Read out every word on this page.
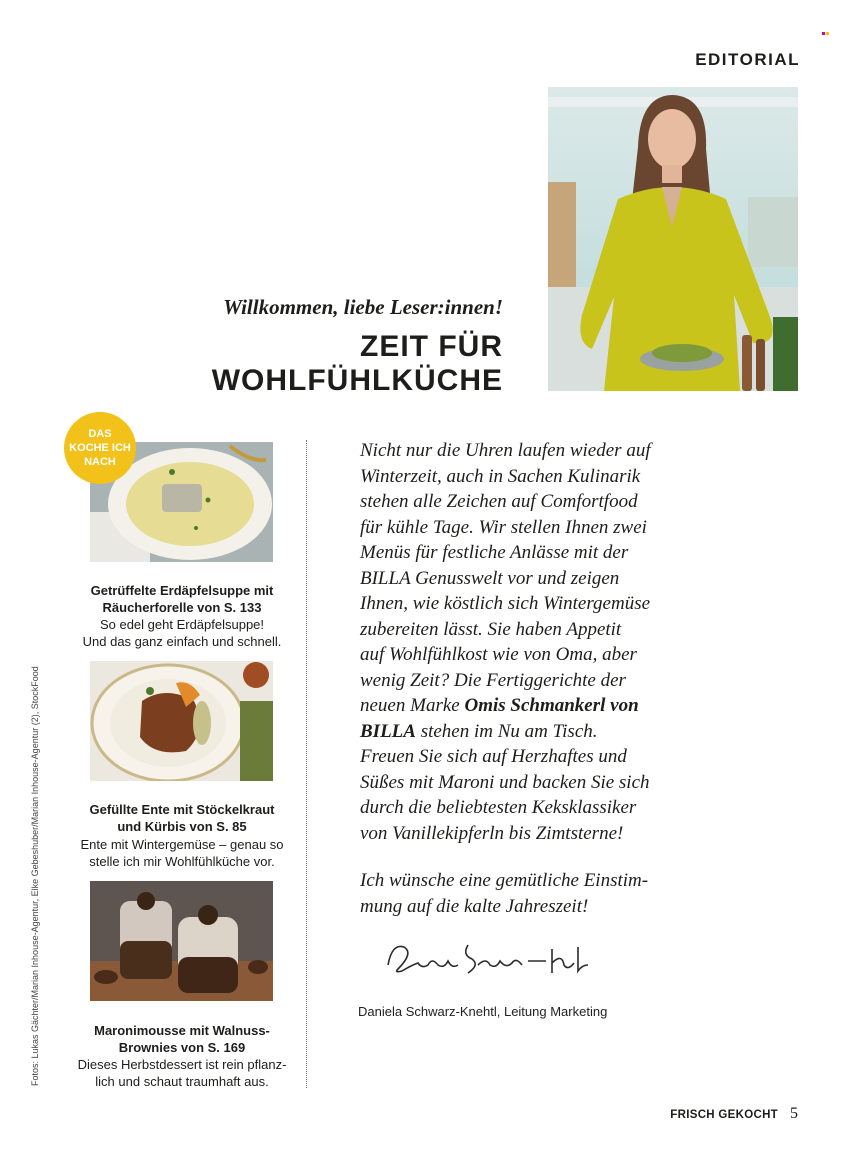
EDITORIAL
Willkommen, liebe Leser:innen!
ZEIT FÜR
WOHLFÜHLKÜCHE
DAS
KOCHE ICH
NACH
Getrüffelte Erdäpfelsuppe mit
Räucherforelle von S. 133
So edel geht Erdäpfelsuppe!
Und das ganz einfach und schnell.
Gefüllte Ente mit Stöckelkraut
und Kürbis von S. 85
Ente mit Wintergemüse – genau so
stelle ich mir Wohlfühlküche vor.
Maronimousse mit Walnuss-
Brownies von S. 169
Dieses Herbstdessert ist rein pflanz-
lich und schaut traumhaft aus.
Fotos: Lukas Gächter/Marian Inhouse-Agentur, Elke Gebeshuber/Marian Inhouse-Agentur (2), StockFood

Nicht nur die Uhren laufen wieder auf

Winterzeit, auch in Sachen Kulinarik

stehen alle Zeichen auf Comfortfood

für kühle Tage. Wir stellen Ihnen zwei

Menüs für festliche Anlässe mit der

BILLA Genusswelt vor und zeigen

Ihnen, wie köstlich sich Wintergemüse

zubereiten lässt. Sie haben Appetit

auf Wohlfühlkost wie von Oma, aber

wenig Zeit? Die Fertiggerichte der

neuen Marke Omis Schmankerl von

BILLA stehen im Nu am Tisch.

Freuen Sie sich auf Herzhaftes und

Süßes mit Maroni und backen Sie sich

durch die beliebtesten Keksklassiker

von Vanillekipferln bis Zimtsterne!

Ich wünsche eine gemütliche Einstim-

mung auf die kalte Jahreszeit!

Daniela Schwarz-Knehtl, Leitung Marketing
FRISCH GEKOCHT 5
